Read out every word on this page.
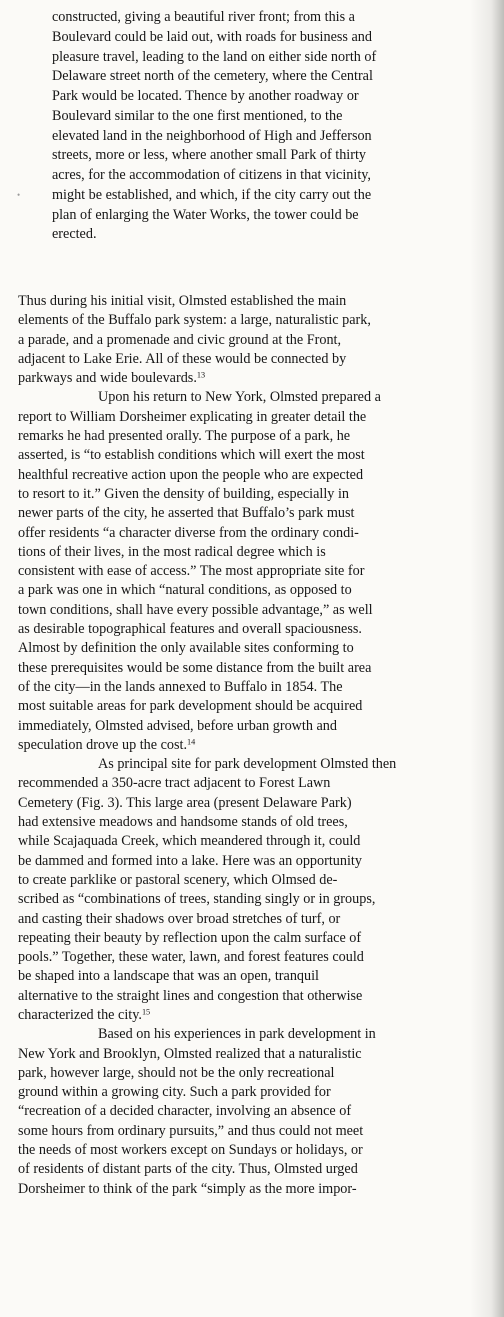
•
constructed, giving a beautiful river front; from this a
Boulevard could be laid out, with roads for business and
pleasure travel, leading to the land on either side north of
Delaware street north of the cemetery, where the Central
Park would be located. Thence by another roadway or
Boulevard similar to the one first mentioned, to the
elevated land in the neighborhood of High and Jefferson
streets, more or less, where another small Park of thirty
acres, for the accommodation of citizens in that vicinity,
might be established, and which, if the city carry out the
plan of enlarging the Water Works, the tower could be
erected.
Thus during his initial visit, Olmsted established the main
elements of the Buffalo park system: a large, naturalistic park,
a parade, and a promenade and civic ground at the Front,
adjacent to Lake Erie. All of these would be connected by
parkways and wide boulevards.$^{13}$
Upon his return to New York, Olmsted prepared a
report to William Dorsheimer explicating in greater detail the
remarks he had presented orally. The purpose of a park, he
asserted, is “to establish conditions which will exert the most
healthful recreative action upon the people who are expected
to resort to it.” Given the density of building, especially in
newer parts of the city, he asserted that Buffalo’s park must
offer residents “a character diverse from the ordinary condi-
tions of their lives, in the most radical degree which is
consistent with ease of access.” The most appropriate site for
a park was one in which “natural conditions, as opposed to
town conditions, shall have every possible advantage,” as well
as desirable topographical features and overall spaciousness.
Almost by definition the only available sites conforming to
these prerequisites would be some distance from the built area
of the city—in the lands annexed to Buffalo in 1854. The
most suitable areas for park development should be acquired
immediately, Olmsted advised, before urban growth and
speculation drove up the cost.$^{14}$
As principal site for park development Olmsted then
recommended a 350-acre tract adjacent to Forest Lawn
Cemetery (Fig. 3). This large area (present Delaware Park)
had extensive meadows and handsome stands of old trees,
while Scajaquada Creek, which meandered through it, could
be dammed and formed into a lake. Here was an opportunity
to create parklike or pastoral scenery, which Olmsed de-
scribed as “combinations of trees, standing singly or in groups,
and casting their shadows over broad stretches of turf, or
repeating their beauty by reflection upon the calm surface of
pools.” Together, these water, lawn, and forest features could
be shaped into a landscape that was an open, tranquil
alternative to the straight lines and congestion that otherwise
characterized the city.$^{15}$
Based on his experiences in park development in
New York and Brooklyn, Olmsted realized that a naturalistic
park, however large, should not be the only recreational
ground within a growing city. Such a park provided for
“recreation of a decided character, involving an absence of
some hours from ordinary pursuits,” and thus could not meet
the needs of most workers except on Sundays or holidays, or
of residents of distant parts of the city. Thus, Olmsted urged
Dorsheimer to think of the park “simply as the more impor-
